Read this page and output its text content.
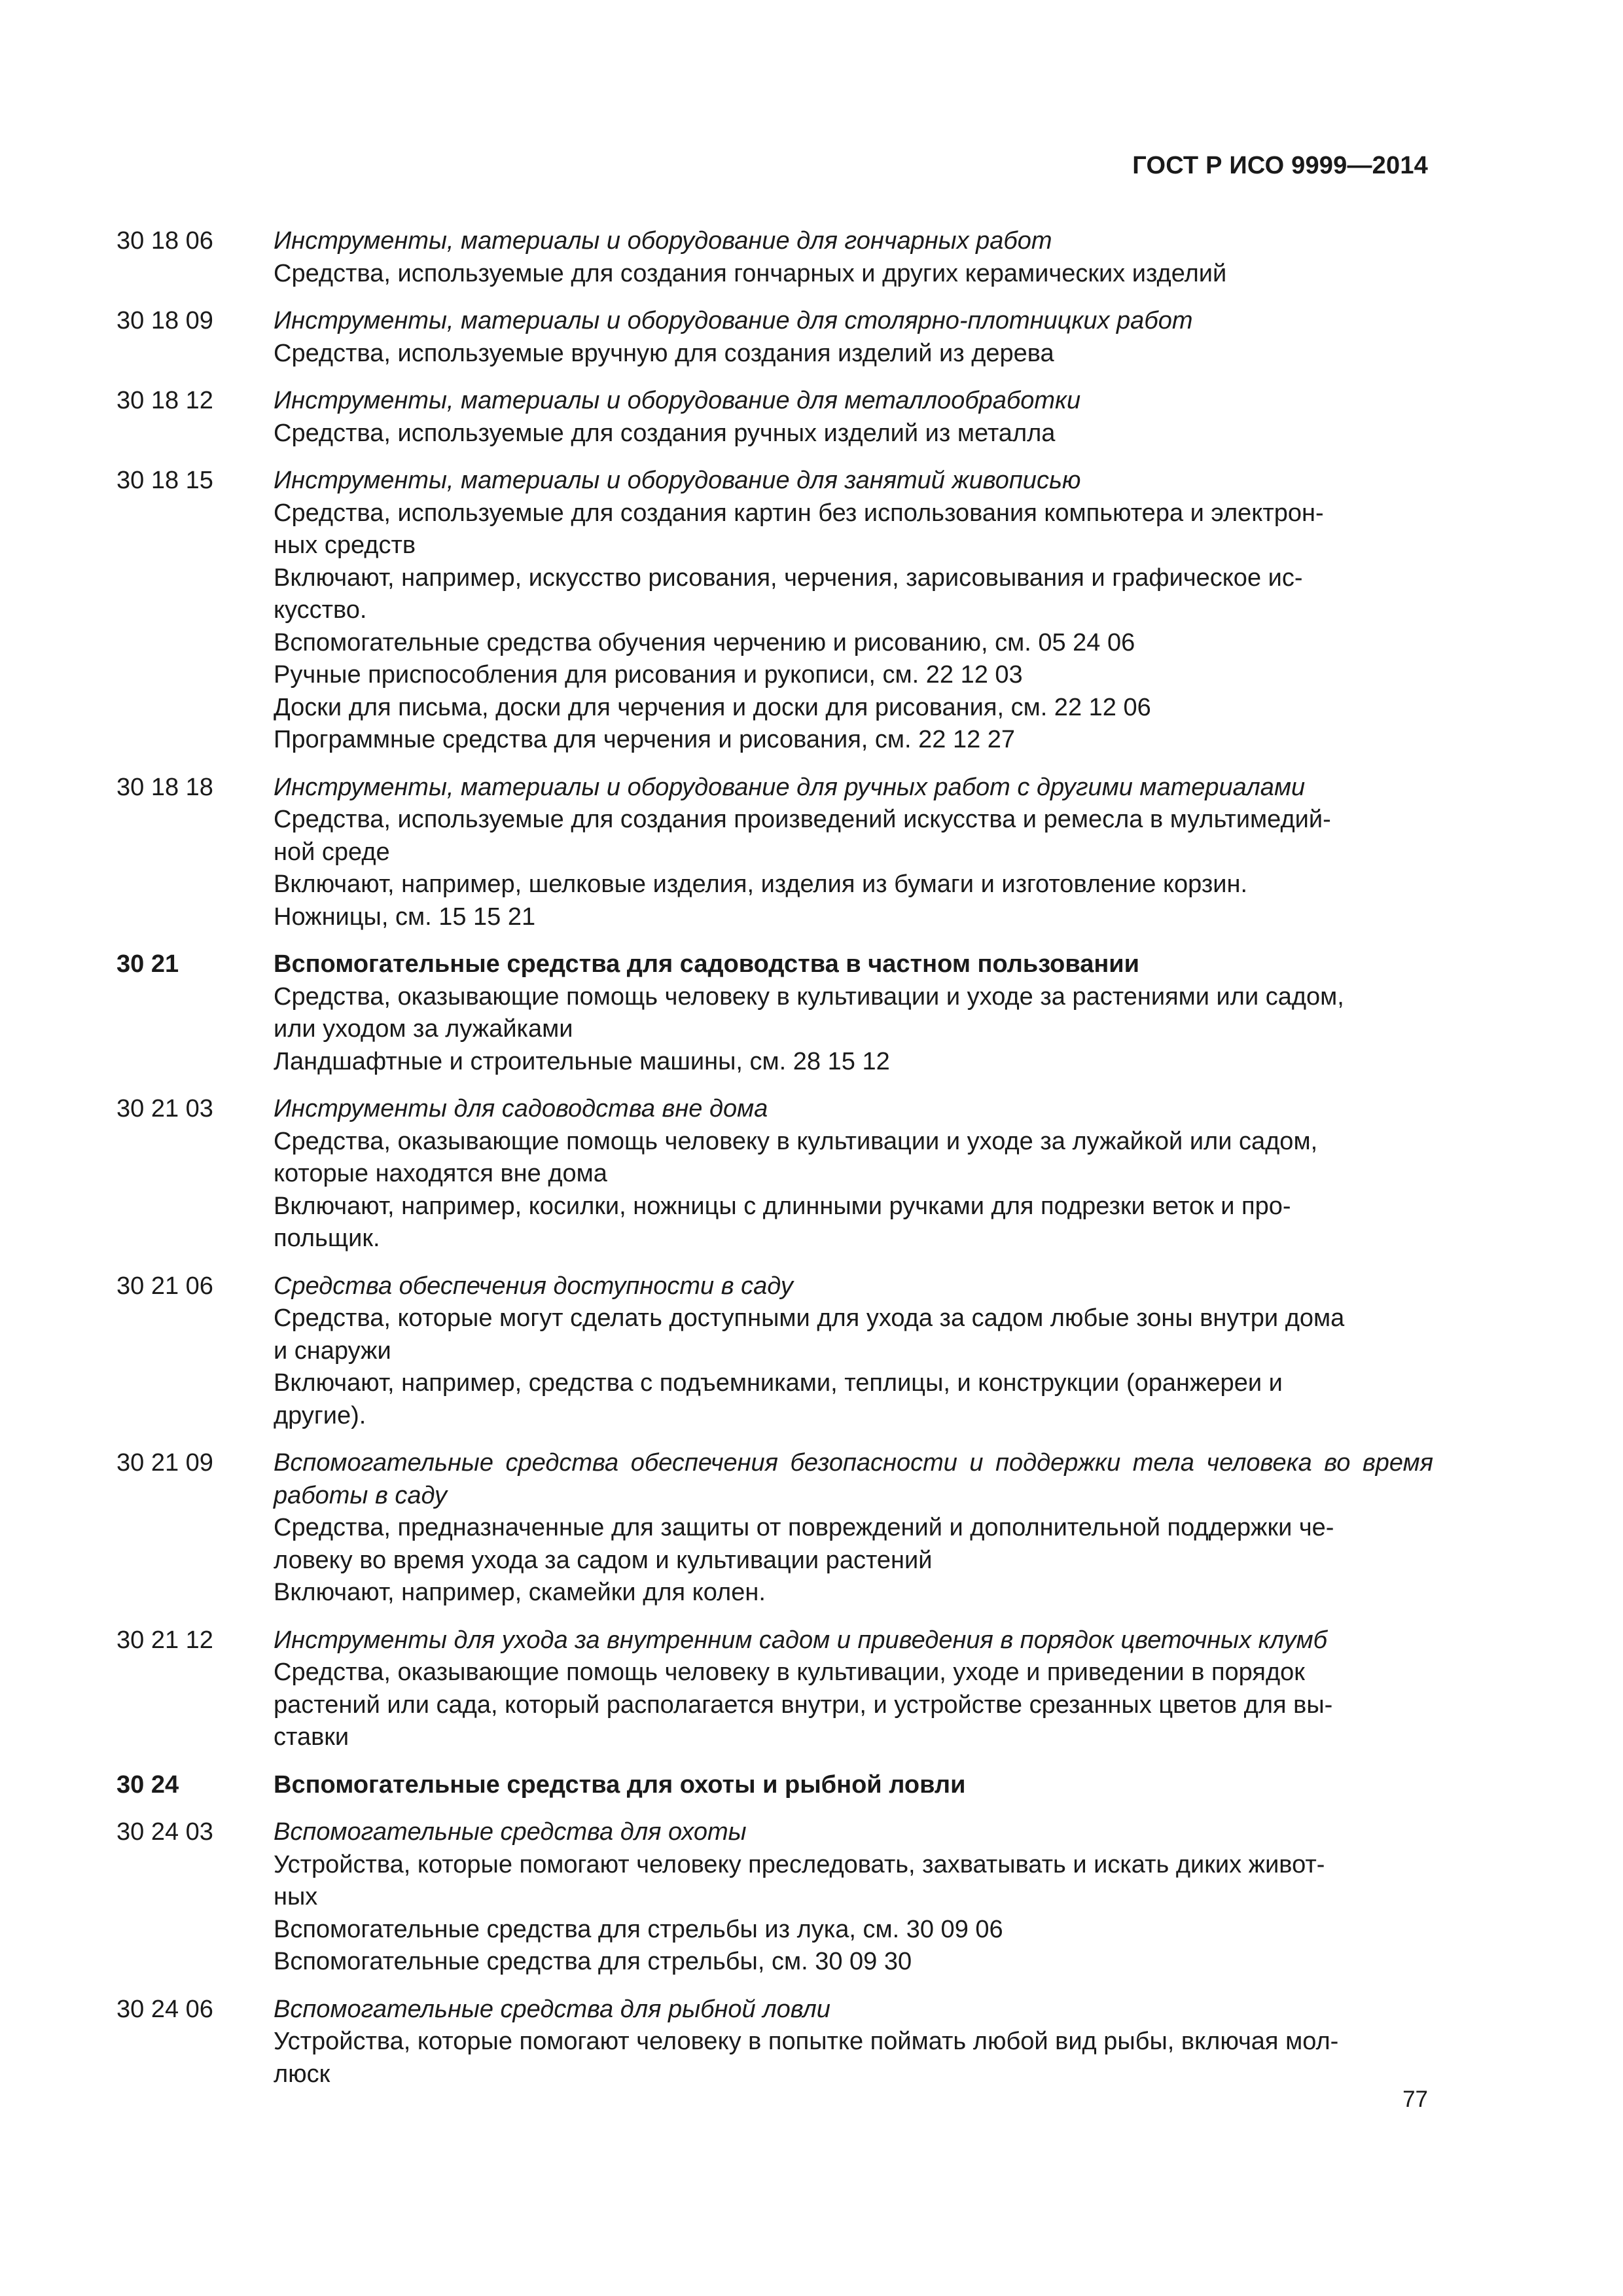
ГОСТ Р ИСО 9999—2014
30 18 06	Инструменты, материалы и оборудование для гончарных работ
Средства, используемые для создания гончарных и других керамических изделий
30 18 09	Инструменты, материалы и оборудование для столярно-плотницких работ
Средства, используемые вручную для создания изделий из дерева
30 18 12	Инструменты, материалы и оборудование для металлообработки
Средства, используемые для создания ручных изделий из металла
30 18 15	Инструменты, материалы и оборудование для занятий живописью
Средства, используемые для создания картин без использования компьютера и электрон-
ных средств
Включают, например, искусство рисования, черчения, зарисовывания и графическое ис-
кусство.
Вспомогательные средства обучения черчению и рисованию, см. 05 24 06
Ручные приспособления для рисования и рукописи, см. 22 12 03
Доски для письма, доски для черчения и доски для рисования, см. 22 12 06
Программные средства для черчения и рисования, см. 22 12 27
30 18 18	Инструменты, материалы и оборудование для ручных работ с другими материалами
Средства, используемые для создания произведений искусства и ремесла в мультимедий-
ной среде
Включают, например, шелковые изделия, изделия из бумаги и изготовление корзин.
Ножницы, см. 15 15 21
30 21	Вспомогательные средства для садоводства в частном пользовании
Средства, оказывающие помощь человеку в культивации и уходе за растениями или садом,
или уходом за лужайками
Ландшафтные и строительные машины, см. 28 15 12
30 21 03	Инструменты для садоводства вне дома
Средства, оказывающие помощь человеку в культивации и уходе за лужайкой или садом,
которые находятся вне дома
Включают, например, косилки, ножницы с длинными ручками для подрезки веток и про-
польщик.
30 21 06	Средства обеспечения доступности в саду
Средства, которые могут сделать доступными для ухода за садом любые зоны внутри дома
и снаружи
Включают, например, средства с подъемниками, теплицы, и конструкции (оранжереи и
другие).
30 21 09	Вспомогательные средства обеспечения безопасности и поддержки тела человека во время работы в саду
Средства, предназначенные для защиты от повреждений и дополнительной поддержки че-
ловеку во время ухода за садом и культивации растений
Включают, например, скамейки для колен.
30 21 12	Инструменты для ухода за внутренним садом и приведения в порядок цветочных клумб
Средства, оказывающие помощь человеку в культивации, уходе и приведении в порядок
растений или сада, который располагается внутри, и устройстве срезанных цветов для вы-
ставки
30 24	Вспомогательные средства для охоты и рыбной ловли
30 24 03	Вспомогательные средства для охоты
Устройства, которые помогают человеку преследовать, захватывать и искать диких живот-
ных
Вспомогательные средства для стрельбы из лука, см. 30 09 06
Вспомогательные средства для стрельбы, см. 30 09 30
30 24 06	Вспомогательные средства для рыбной ловли
Устройства, которые помогают человеку в попытке поймать любой вид рыбы, включая мол-
люск
77
